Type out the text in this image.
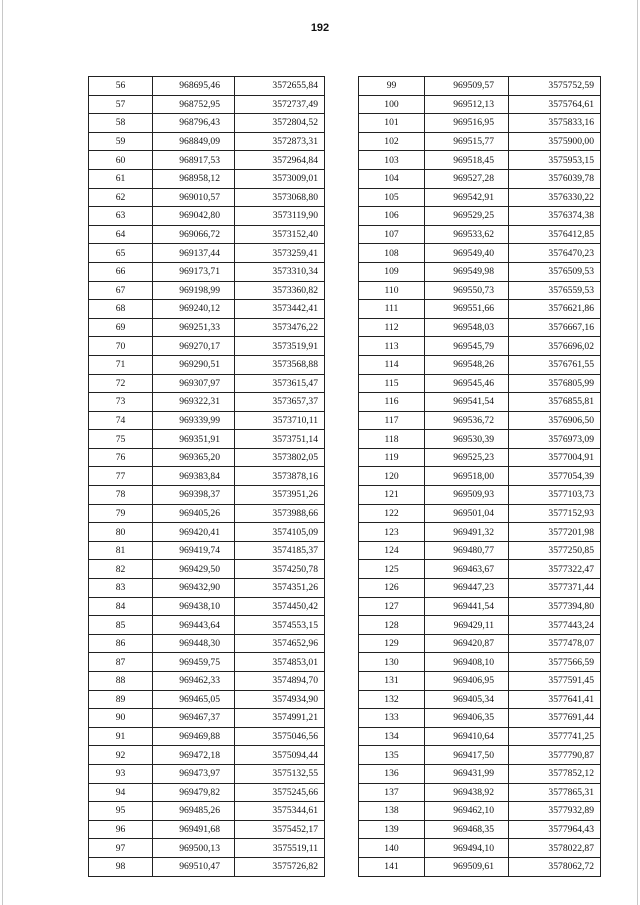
192
56	968695,46	3572655,84
57	968752,95	3572737,49
58	968796,43	3572804,52
59	968849,09	3572873,31
60	968917,53	3572964,84
61	968958,12	3573009,01
62	969010,57	3573068,80
63	969042,80	3573119,90
64	969066,72	3573152,40
65	969137,44	3573259,41
66	969173,71	3573310,34
67	969198,99	3573360,82
68	969240,12	3573442,41
69	969251,33	3573476,22
70	969270,17	3573519,91
71	969290,51	3573568,88
72	969307,97	3573615,47
73	969322,31	3573657,37
74	969339,99	3573710,11
75	969351,91	3573751,14
76	969365,20	3573802,05
77	969383,84	3573878,16
78	969398,37	3573951,26
79	969405,26	3573988,66
80	969420,41	3574105,09
81	969419,74	3574185,37
82	969429,50	3574250,78
83	969432,90	3574351,26
84	969438,10	3574450,42
85	969443,64	3574553,15
86	969448,30	3574652,96
87	969459,75	3574853,01
88	969462,33	3574894,70
89	969465,05	3574934,90
90	969467,37	3574991,21
91	969469,88	3575046,56
92	969472,18	3575094,44
93	969473,97	3575132,55
94	969479,82	3575245,66
95	969485,26	3575344,61
96	969491,68	3575452,17
97	969500,13	3575519,11
98	969510,47	3575726,82
99	969509,57	3575752,59
100	969512,13	3575764,61
101	969516,95	3575833,16
102	969515,77	3575900,00
103	969518,45	3575953,15
104	969527,28	3576039,78
105	969542,91	3576330,22
106	969529,25	3576374,38
107	969533,62	3576412,85
108	969549,40	3576470,23
109	969549,98	3576509,53
110	969550,73	3576559,53
111	969551,66	3576621,86
112	969548,03	3576667,16
113	969545,79	3576696,02
114	969548,26	3576761,55
115	969545,46	3576805,99
116	969541,54	3576855,81
117	969536,72	3576906,50
118	969530,39	3576973,09
119	969525,23	3577004,91
120	969518,00	3577054,39
121	969509,93	3577103,73
122	969501,04	3577152,93
123	969491,32	3577201,98
124	969480,77	3577250,85
125	969463,67	3577322,47
126	969447,23	3577371,44
127	969441,54	3577394,80
128	969429,11	3577443,24
129	969420,87	3577478,07
130	969408,10	3577566,59
131	969406,95	3577591,45
132	969405,34	3577641,41
133	969406,35	3577691,44
134	969410,64	3577741,25
135	969417,50	3577790,87
136	969431,99	3577852,12
137	969438,92	3577865,31
138	969462,10	3577932,89
139	969468,35	3577964,43
140	969494,10	3578022,87
141	969509,61	3578062,72
